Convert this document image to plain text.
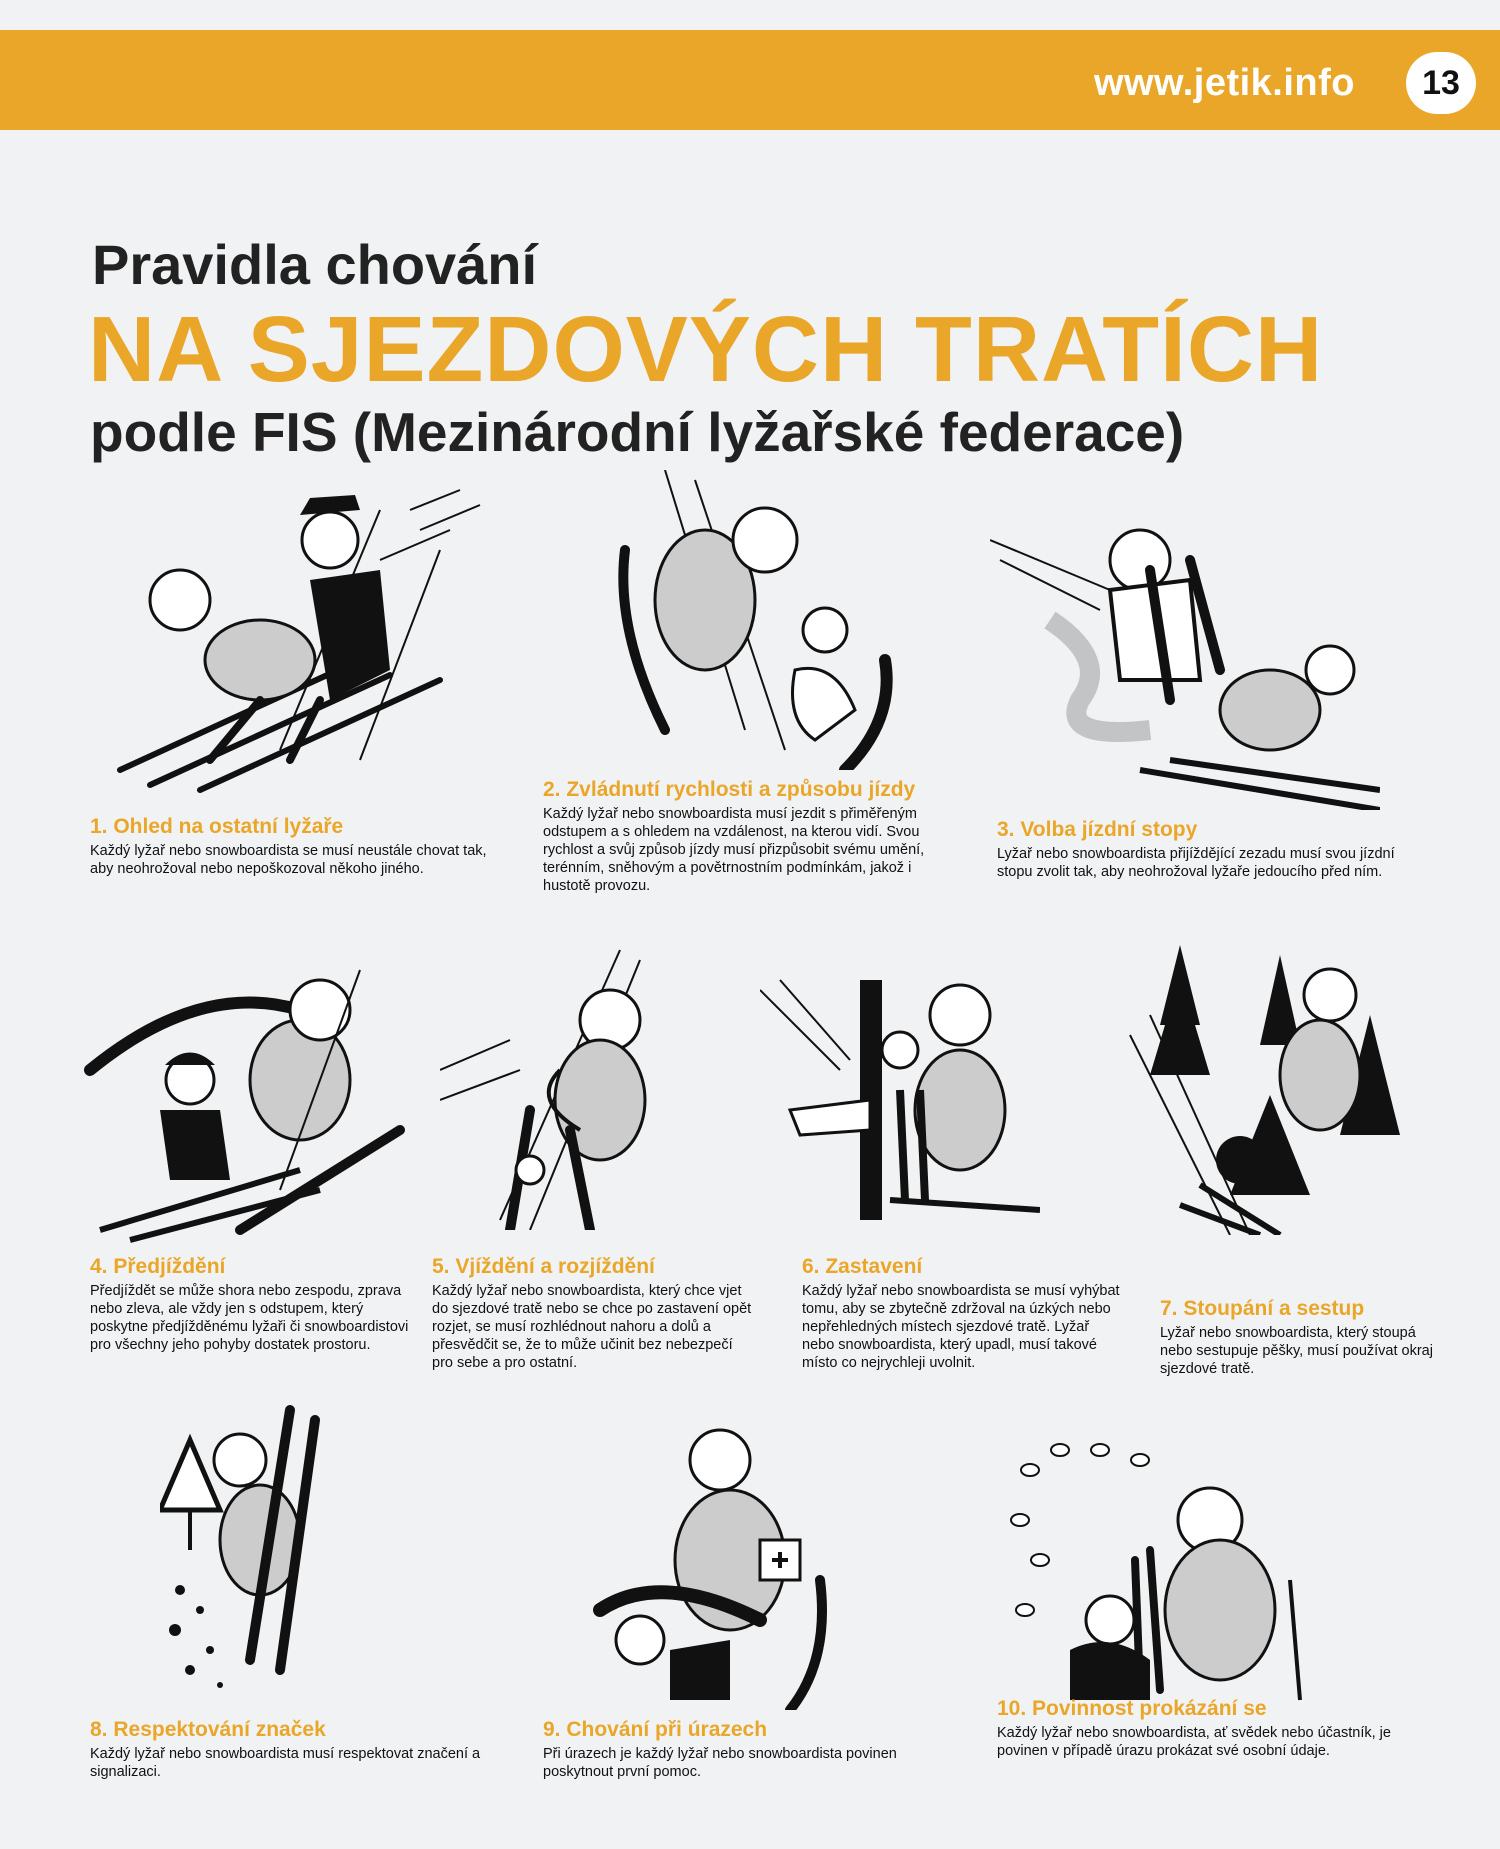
www.jetik.info	13
Pravidla chování
NA SJEZDOVÝCH TRATÍCH
podle FIS (Mezinárodní lyžařské federace)
1. Ohled na ostatní lyžaře

Každý lyžař nebo snowboardista se musí neustále chovat tak, aby neohrožoval nebo nepoškozoval někoho jiného.

2. Zvládnutí rychlosti a způsobu jízdy

Každý lyžař nebo snowboardista musí jezdit s přiměřeným odstupem a s ohledem na vzdálenost, na kterou vidí. Svou rychlost a svůj způsob jízdy musí přizpůsobit svému umění, terénním, sněhovým a povětrnostním podmínkám, jakož i hustotě provozu.

3. Volba jízdní stopy

Lyžař nebo snowboardista přijíždějící zezadu musí svou jízdní stopu zvolit tak, aby neohrožoval lyžaře jedoucího před ním.

4. Předjíždění

Předjíždět se může shora nebo zespodu, zprava nebo zleva, ale vždy jen s odstupem, který poskytne předjížděnému lyžaři či snowboardistovi pro všechny jeho pohyby dostatek prostoru.

5. Vjíždění a rozjíždění

Každý lyžař nebo snowboardista, který chce vjet do sjezdové tratě nebo se chce po zastavení opět rozjet, se musí rozhlédnout nahoru a dolů a přesvědčit se, že to může učinit bez nebezpečí pro sebe a pro ostatní.

6. Zastavení

Každý lyžař nebo snowboardista se musí vyhýbat tomu, aby se zbytečně zdržoval na úzkých nebo nepřehledných místech sjezdové tratě. Lyžař nebo snowboardista, který upadl, musí takové místo co nejrychleji uvolnit.

7. Stoupání a sestup

Lyžař nebo snowboardista, který stoupá nebo sestupuje pěšky, musí používat okraj sjezdové tratě.

8. Respektování značek

Každý lyžař nebo snowboardista musí respektovat značení a signalizaci.

9. Chování při úrazech

Při úrazech je každý lyžař nebo snowboardista povinen poskytnout první pomoc.

10. Povinnost prokázání se

Každý lyžař nebo snowboardista, ať svědek nebo účastník, je povinen v případě úrazu prokázat své osobní údaje.
